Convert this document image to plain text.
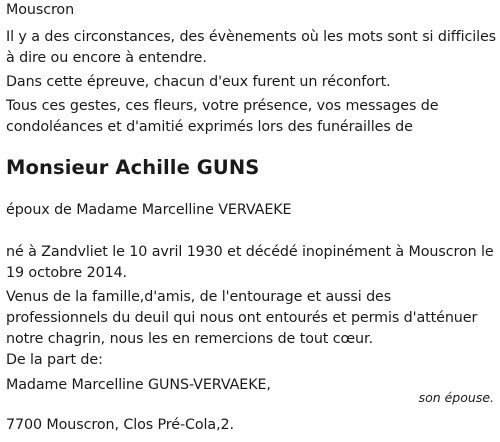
Mouscron
Il y a des circonstances, des évènements où les mots sont si difficiles à dire ou encore à entendre.
Dans cette épreuve, chacun d'eux furent un réconfort.
Tous ces gestes, ces fleurs, votre présence, vos messages de condoléances et d'amitié exprimés lors des funérailles de
Monsieur Achille GUNS
époux de Madame Marcelline VERVAEKE
né à Zandvliet le 10 avril 1930 et décédé inopinément à Mouscron le 19 octobre 2014.
Venus de la famille,d'amis, de l'entourage et aussi des professionnels du deuil qui nous ont entourés et permis d'atténuer notre chagrin, nous les en remercions de tout cœur.
De la part de:
Madame Marcelline GUNS-VERVAEKE,
son épouse.
7700 Mouscron, Clos Pré-Cola,2.
